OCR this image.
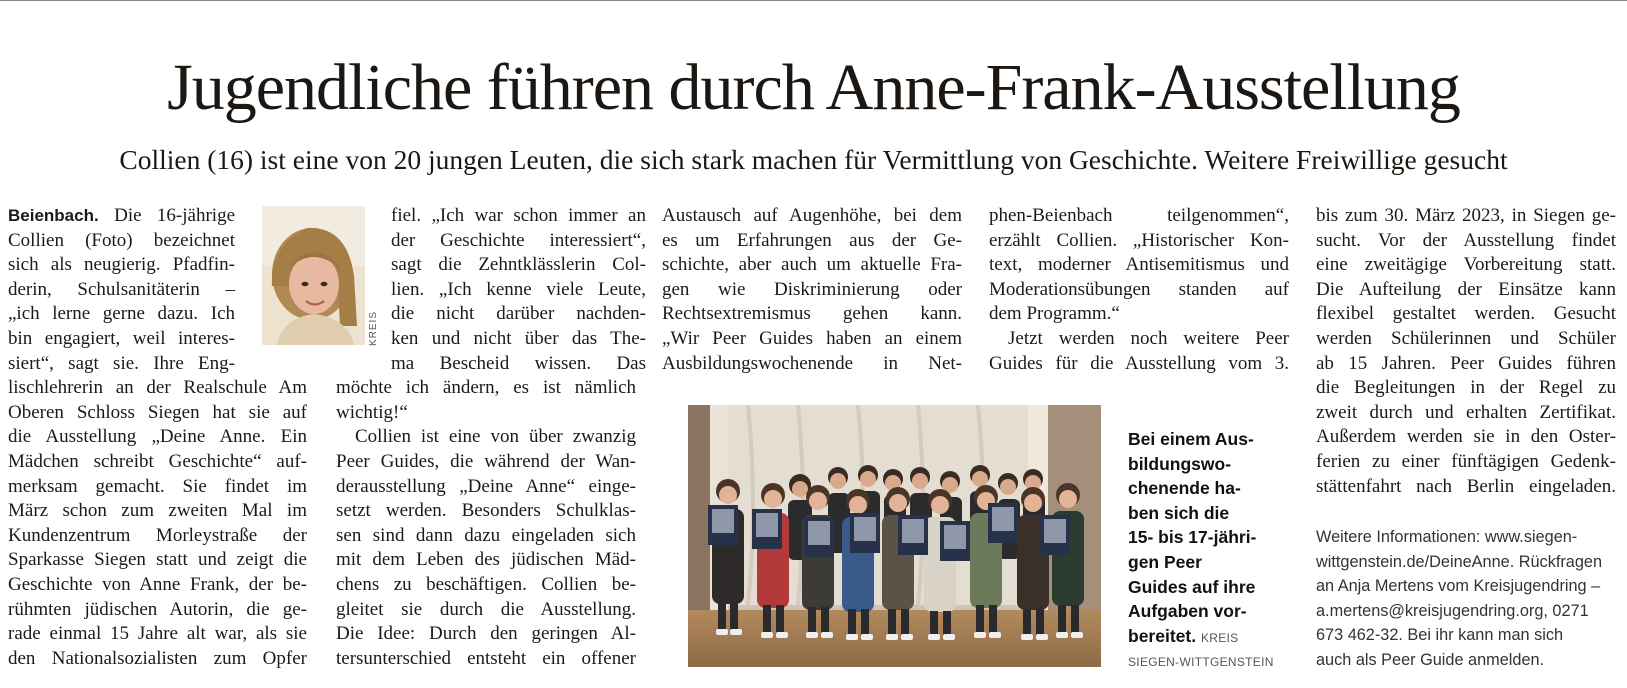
Jugendliche führen durch Anne-Frank-Ausstellung
Collien (16) ist eine von 20 jungen Leuten, die sich stark machen für Vermittlung von Geschichte. Weitere Freiwillige gesucht
Beienbach. Die 16-jährige
Collien (Foto) bezeichnet
sich als neugierig. Pfadfin-
derin, Schulsanitäterin –
„ich lerne gerne dazu. Ich
bin engagiert, weil interes-
siert“, sagt sie. Ihre Eng-
lischlehrerin an der Realschule Am
Oberen Schloss Siegen hat sie auf
die Ausstellung „Deine Anne. Ein
Mädchen schreibt Geschichte“ auf-
merksam gemacht. Sie findet im
März schon zum zweiten Mal im
Kundenzentrum Morleystraße der
Sparkasse Siegen statt und zeigt die
Geschichte von Anne Frank, der be-
rühmten jüdischen Autorin, die ge-
rade einmal 15 Jahre alt war, als sie
den Nationalsozialisten zum Opfer
KREIS
fiel. „Ich war schon immer an
der Geschichte interessiert“,
sagt die Zehntklässlerin Col-
lien. „Ich kenne viele Leute,
die nicht darüber nachden-
ken und nicht über das The-
ma Bescheid wissen. Das
möchte ich ändern, es ist nämlich
wichtig!“
Collien ist eine von über zwanzig
Peer Guides, die während der Wan-
derausstellung „Deine Anne“ einge-
setzt werden. Besonders Schulklas-
sen sind dann dazu eingeladen sich
mit dem Leben des jüdischen Mäd-
chens zu beschäftigen. Collien be-
gleitet sie durch die Ausstellung.
Die Idee: Durch den geringen Al-
tersunterschied entsteht ein offener
Austausch auf Augenhöhe, bei dem
es um Erfahrungen aus der Ge-
schichte, aber auch um aktuelle Fra-
gen wie Diskriminierung oder
Rechtsextremismus gehen kann.
„Wir Peer Guides haben an einem
Ausbildungswochenende in Net-
phen-Beienbach teilgenommen“,
erzählt Collien. „Historischer Kon-
text, moderner Antisemitismus und
Moderationsübungen standen auf
dem Programm.“
Jetzt werden noch weitere Peer
Guides für die Ausstellung vom 3.
bis zum 30. März 2023, in Siegen ge-
sucht. Vor der Ausstellung findet
eine zweitägige Vorbereitung statt.
Die Aufteilung der Einsätze kann
flexibel gestaltet werden. Gesucht
werden Schülerinnen und Schüler
ab 15 Jahren. Peer Guides führen
die Begleitungen in der Regel zu
zweit durch und erhalten Zertifikat.
Außerdem werden sie in den Oster-
ferien zu einer fünftägigen Gedenk-
stättenfahrt nach Berlin eingeladen.
Bei einem Aus-
bildungswo-
chenende ha-
ben sich die
15- bis 17-jähri-
gen Peer
Guides auf ihre
Aufgaben vor-
bereitet. KREIS
SIEGEN-WITTGENSTEIN
Weitere Informationen: www.siegen-
wittgenstein.de/DeineAnne. Rückfragen
an Anja Mertens vom Kreisjugendring –
a.mertens@kreisjugendring.org, 0271
673 462-32. Bei ihr kann man sich
auch als Peer Guide anmelden.
